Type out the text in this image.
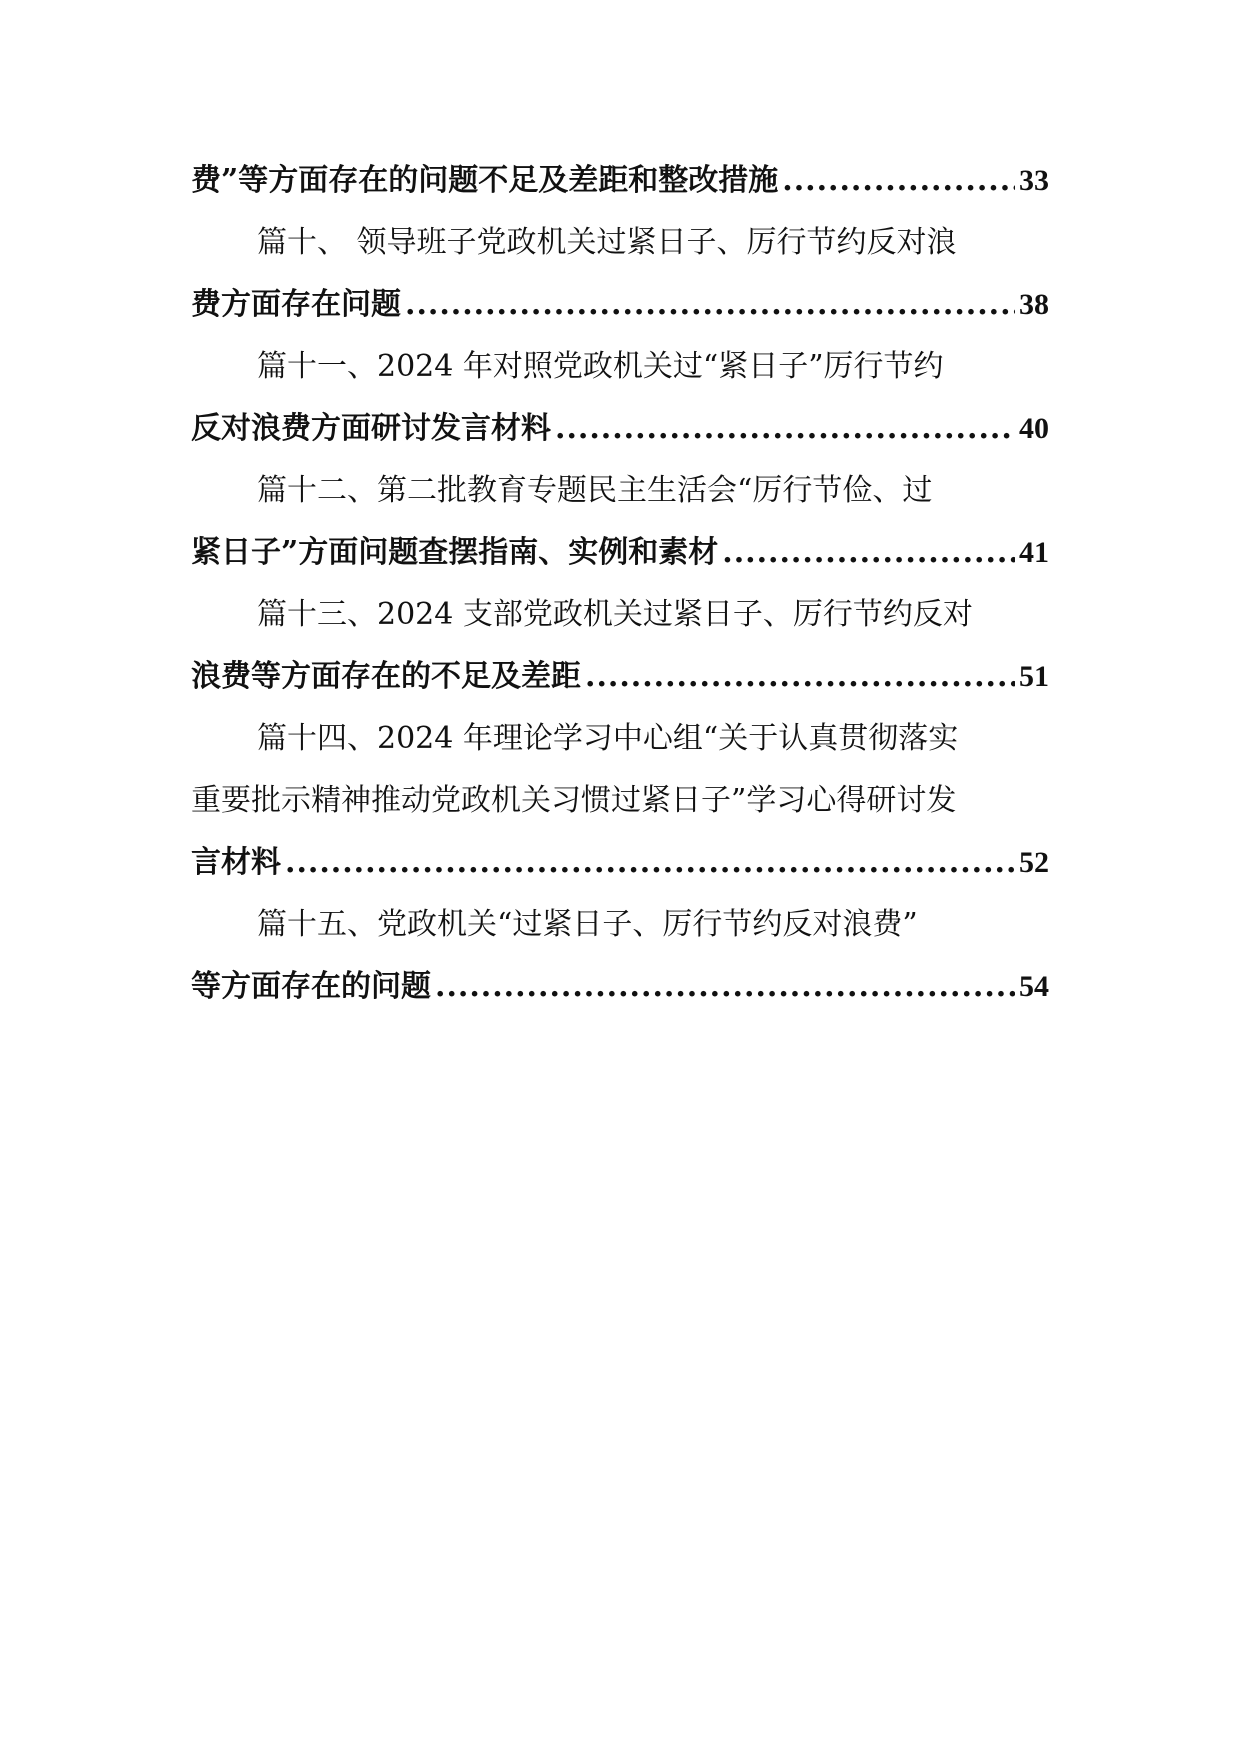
费”等方面存在的问题不足及差距和整改措施 .....	33
篇十、 领导班子党政机关过紧日子、厉行节约反对浪
费方面存在问题 .....	38
篇十一、2024 年对照党政机关过“紧日子”厉行节约
反对浪费方面研讨发言材料 .....	40
篇十二、第二批教育专题民主生活会“厉行节俭、过
紧日子”方面问题查摆指南、实例和素材 .....	41
篇十三、2024 支部党政机关过紧日子、厉行节约反对
浪费等方面存在的不足及差距 .....	51
篇十四、2024 年理论学习中心组“关于认真贯彻落实
重要批示精神推动党政机关习惯过紧日子”学习心得研讨发
言材料 .....	52
篇十五、党政机关“过紧日子、厉行节约反对浪费”
等方面存在的问题 .....	54
